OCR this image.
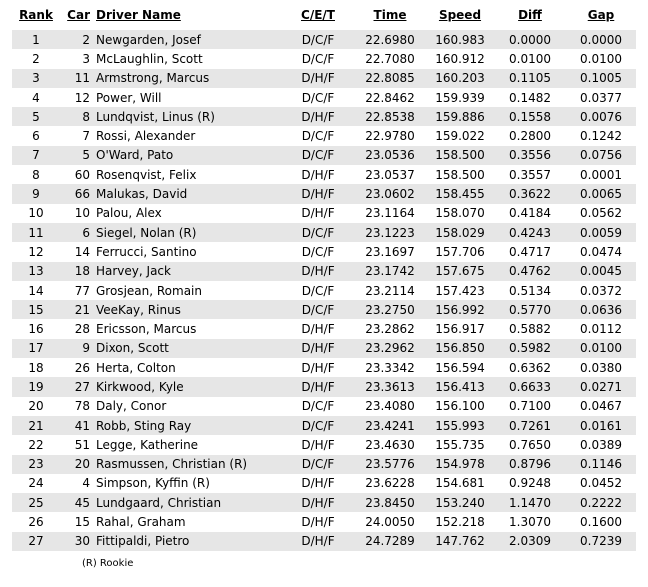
Rank	Car	Driver Name	C/E/T	Time	Speed	Diff	Gap
1	2	Newgarden, Josef	D/C/F	22.6980	160.983	0.0000	0.0000
2	3	McLaughlin, Scott	D/C/F	22.7080	160.912	0.0100	0.0100
3	11	Armstrong, Marcus	D/H/F	22.8085	160.203	0.1105	0.1005
4	12	Power, Will	D/C/F	22.8462	159.939	0.1482	0.0377
5	8	Lundqvist, Linus (R)	D/H/F	22.8538	159.886	0.1558	0.0076
6	7	Rossi, Alexander	D/C/F	22.9780	159.022	0.2800	0.1242
7	5	O'Ward, Pato	D/C/F	23.0536	158.500	0.3556	0.0756
8	60	Rosenqvist, Felix	D/H/F	23.0537	158.500	0.3557	0.0001
9	66	Malukas, David	D/H/F	23.0602	158.455	0.3622	0.0065
10	10	Palou, Alex	D/H/F	23.1164	158.070	0.4184	0.0562
11	6	Siegel, Nolan (R)	D/C/F	23.1223	158.029	0.4243	0.0059
12	14	Ferrucci, Santino	D/C/F	23.1697	157.706	0.4717	0.0474
13	18	Harvey, Jack	D/H/F	23.1742	157.675	0.4762	0.0045
14	77	Grosjean, Romain	D/C/F	23.2114	157.423	0.5134	0.0372
15	21	VeeKay, Rinus	D/C/F	23.2750	156.992	0.5770	0.0636
16	28	Ericsson, Marcus	D/H/F	23.2862	156.917	0.5882	0.0112
17	9	Dixon, Scott	D/H/F	23.2962	156.850	0.5982	0.0100
18	26	Herta, Colton	D/H/F	23.3342	156.594	0.6362	0.0380
19	27	Kirkwood, Kyle	D/H/F	23.3613	156.413	0.6633	0.0271
20	78	Daly, Conor	D/C/F	23.4080	156.100	0.7100	0.0467
21	41	Robb, Sting Ray	D/C/F	23.4241	155.993	0.7261	0.0161
22	51	Legge, Katherine	D/H/F	23.4630	155.735	0.7650	0.0389
23	20	Rasmussen, Christian (R)	D/C/F	23.5776	154.978	0.8796	0.1146
24	4	Simpson, Kyffin (R)	D/H/F	23.6228	154.681	0.9248	0.0452
25	45	Lundgaard, Christian	D/H/F	23.8450	153.240	1.1470	0.2222
26	15	Rahal, Graham	D/H/F	24.0050	152.218	1.3070	0.1600
27	30	Fittipaldi, Pietro	D/H/F	24.7289	147.762	2.0309	0.7239
(R) Rookie
